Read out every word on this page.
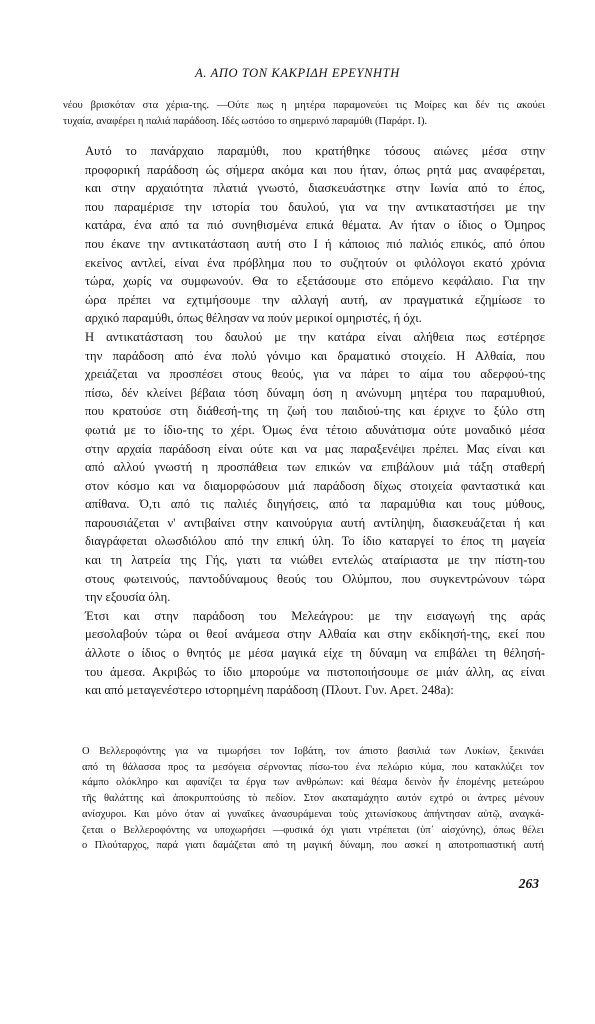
Α. ΑΠΟ ΤΟΝ ΚΑΚΡΙΔΗ ΕΡΕΥΝΗΤΗ

νέου βρισκόταν στα χέρια-της. —Ούτε πως η μητέρα παραμονεύει τις Μοίρες και δέν τις ακούει
τυχαία, αναφέρει η παλιά παράδοση. Ιδές ωστόσο το σημερινό παραμύθι (Παράρτ. Ι).

Αυτό το πανάρχαιο παραμύθι, που κρατήθηκε τόσους αιώνες μέσα στην
προφορική παράδοση ώς σήμερα ακόμα και που ήταν, όπως ρητά μας αναφέρεται,
και στην αρχαιότητα πλατιά γνωστό, διασκευάστηκε στην Ιωνία από το έπος,
που παραμέρισε την ιστορία του δαυλού, για να την αντικαταστήσει με την
κατάρα, ένα από τα πιό συνηθισμένα επικά θέματα. Αν ήταν ο ίδιος ο Όμηρος
που έκανε την αντικατάσταση αυτή στο Ι ή κάποιος πιό παλιός επικός, από όπου
εκείνος αντλεί, είναι ένα πρόβλημα που το συζητούν οι φιλόλογοι εκατό χρόνια
τώρα, χωρίς να συμφωνούν. Θα το εξετάσουμε στο επόμενο κεφάλαιο. Για την
ώρα πρέπει να εχτιμήσουμε την αλλαγή αυτή, αν πραγματικά εζημίωσε το
αρχικό παραμύθι, όπως θέλησαν να πούν μερικοί ομηριστές, ή όχι.

Η αντικατάσταση του δαυλού με την κατάρα είναι αλήθεια πως εστέρησε
την παράδοση από ένα πολύ γόνιμο και δραματικό στοιχείο. Η Αλθαία, που
χρειάζεται να προσπέσει στους θεούς, για να πάρει το αίμα του αδερφού-της
πίσω, δέν κλείνει βέβαια τόση δύναμη όση η ανώνυμη μητέρα του παραμυθιού,
που κρατούσε στη διάθεσή-της τη ζωή του παιδιού-της και έριχνε το ξύλο στη
φωτιά με το ίδιο-της το χέρι. Όμως ένα τέτοιο αδυνάτισμα ούτε μοναδικό μέσα
στην αρχαία παράδοση είναι ούτε και να μας παραξενέψει πρέπει. Μας είναι και
από αλλού γνωστή η προσπάθεια των επικών να επιβάλουν μιά τάξη σταθερή
στον κόσμο και να διαμορφώσουν μιά παράδοση δίχως στοιχεία φανταστικά και
απίθανα. Ό,τι από τις παλιές διηγήσεις, από τα παραμύθια και τους μύθους,
παρουσιάζεται ν' αντιβαίνει στην καινούργια αυτή αντίληψη, διασκευάζεται ή και
διαγράφεται ολωσδιόλου από την επική ύλη. Το ίδιο καταργεί το έπος τη μαγεία
και τη λατρεία της Γής, γιατι τα νιώθει εντελώς αταίριαστα με την πίστη-του
στους φωτεινούς, παντοδύναμους θεούς του Ολύμπου, που συγκεντρώνουν τώρα
την εξουσία όλη.

Έτσι και στην παράδοση του Μελεάγρου: με την εισαγωγή της αράς
μεσολαβούν τώρα οι θεοί ανάμεσα στην Αλθαία και στην εκδίκησή-της, εκεί που
άλλοτε ο ίδιος ο θνητός με μέσα μαγικά είχε τη δύναμη να επιβάλει τη θέλησή-
του άμεσα. Ακριβώς το ίδιο μπορούμε να πιστοποιήσουμε σε μιάν άλλη, ας είναι
και από μεταγενέστερο ιστορημένη παράδοση (Πλουτ. Γυν. Αρετ. 248a):

Ο Βελλεροφόντης για να τιμωρήσει τον Ιοβάτη, τον άπιστο βασιλιά των Λυκίων, ξεκινάει
από τη θάλασσα προς τα μεσόγεια σέρνοντας πίσω-του ένα πελώριο κύμα, που κατακλύζει τον
κάμπο ολόκληρο και αφανίζει τα έργα των ανθρώπων: καὶ θέαμα δεινὸν ἦν ἑπομένης μετεώρου
τῆς θαλάττης καὶ ἀποκρυπτούσης τὸ πεδίον. Στον ακαταμάχητο αυτόν εχτρό οι άντρες μένουν
ανίσχυροι. Και μόνο όταν αἱ γυναῖκες ἀνασυράμεναι τοὺς χιτωνίσκους ἀπήντησαν αὐτῷ, αναγκά-
ζεται ο Βελλεροφόντης να υποχωρήσει —φυσικά όχι γιατι ντρέπεται (ὑπ᾽ αἰσχύνης), όπως θέλει
ο Πλούταρχος, παρά γιατι δαμάζεται από τη μαγική δύναμη, που ασκεί η αποτροπιαστική αυτή

263
